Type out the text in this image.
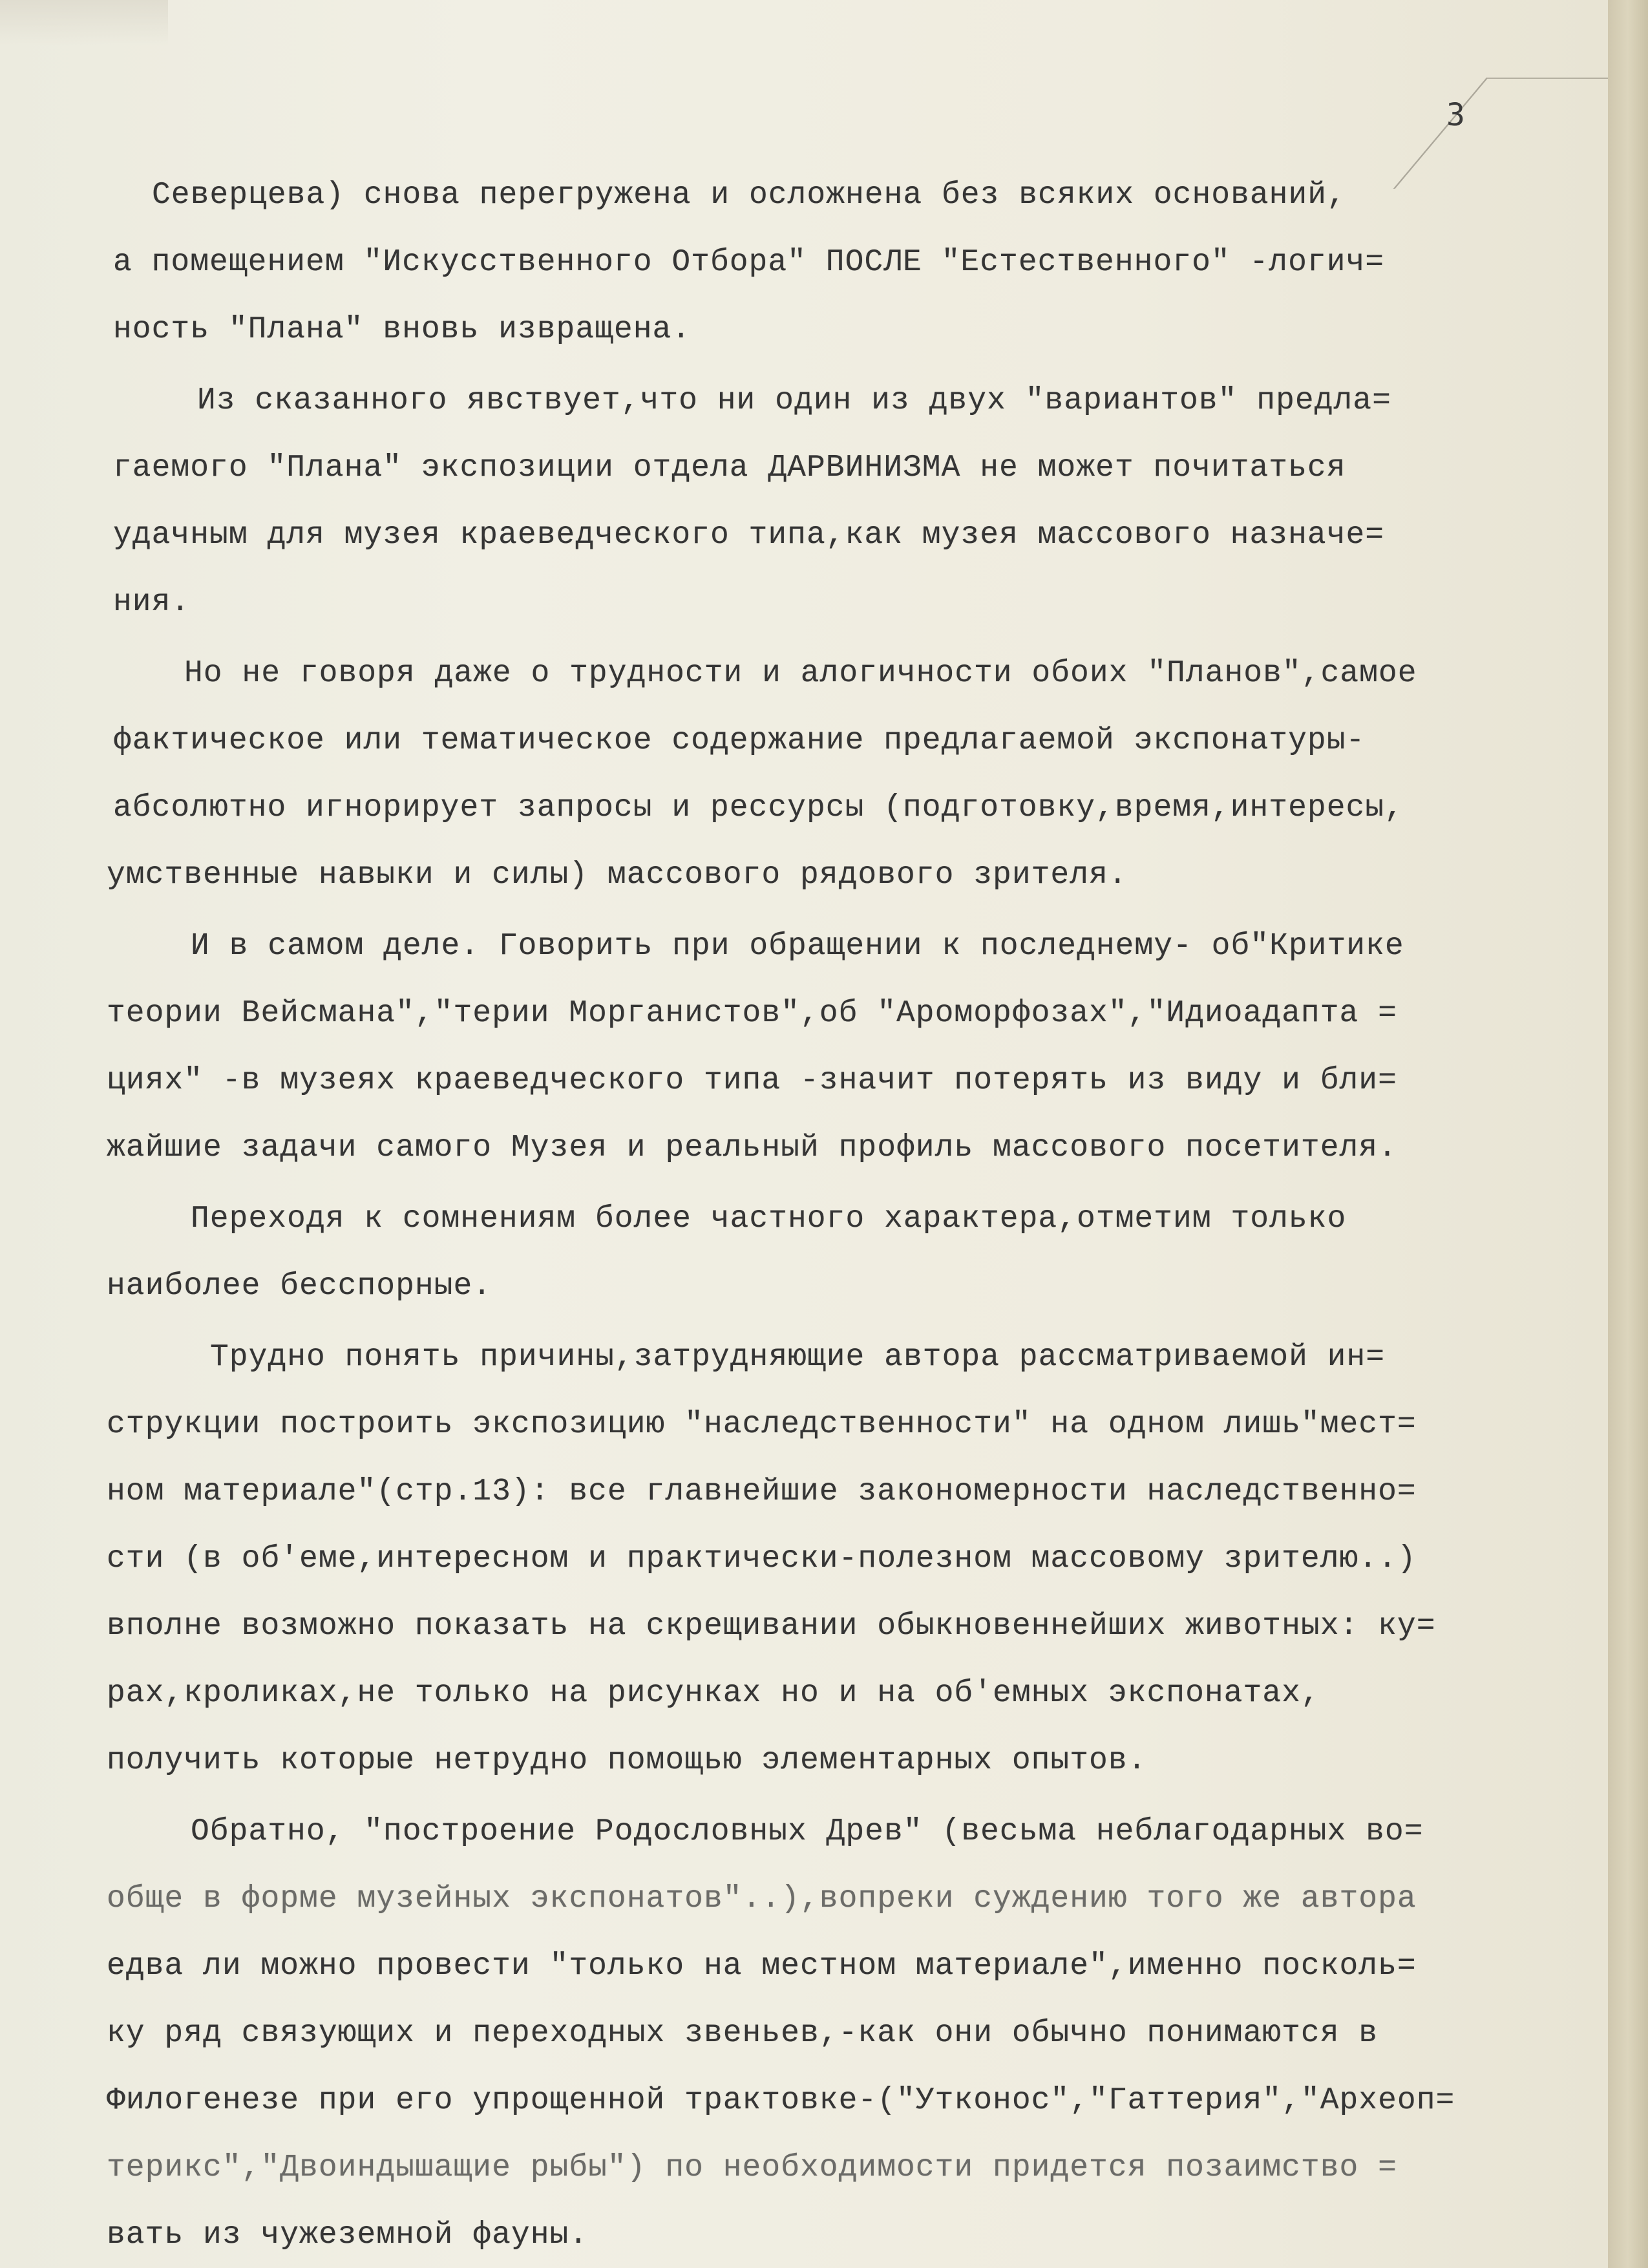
3
Северцева) снова перегружена и осложнена без всяких оснований,
а помещением "Искусственного Отбора" ПОСЛЕ "Естественного" -логич=
ность "Плана" вновь извращена.
Из сказанного явствует,что ни один из двух "вариантов" предла=
гаемого "Плана" экспозиции отдела ДАРВИНИЗМА не может почитаться
удачным для музея краеведческого типа,как музея массового назначе=
ния.
Но не говоря даже о трудности и алогичности обоих "Планов",самое
фактическое или тематическое содержание предлагаемой экспонатуры-
абсолютно игнорирует запросы и рессурсы (подготовку,время,интересы,
умственные навыки и силы) массового рядового зрителя.
И в самом деле. Говорить при обращении к последнему- об"Критике
теории Вейсмана","терии Морганистов",об "Ароморфозах","Идиоадапта =
циях" -в музеях краеведческого типа -значит потерять из виду и бли=
жайшие задачи самого Музея и реальный профиль массового посетителя.
Переходя к сомнениям более частного характера,отметим только
наиболее бесспорные.
Трудно понять причины,затрудняющие автора рассматриваемой ин=
струкции построить экспозицию "наследственности" на одном лишь"мест=
ном материале"(стр.13): все главнейшие закономерности наследственно=
сти (в об'еме,интересном и практически-полезном массовому зрителю..)
вполне возможно показать на скрещивании обыкновеннейших животных: ку=
рах,кроликах,не только на рисунках но и на об'емных экспонатах,
получить которые нетрудно помощью элементарных опытов.
Обратно, "построение Родословных Древ" (весьма неблагодарных во=
обще в форме музейных экспонатов"..),вопреки суждению того же автора
едва ли можно провести "только на местном материале",именно посколь=
ку ряд связующих и переходных звеньев,-как они обычно понимаются в
Филогенезе при его упрощенной трактовке-("Утконос","Гаттерия","Археоп=
терикс","Двоиндышащие рыбы") по необходимости придется позаимство =
вать из чужеземной фауны.
